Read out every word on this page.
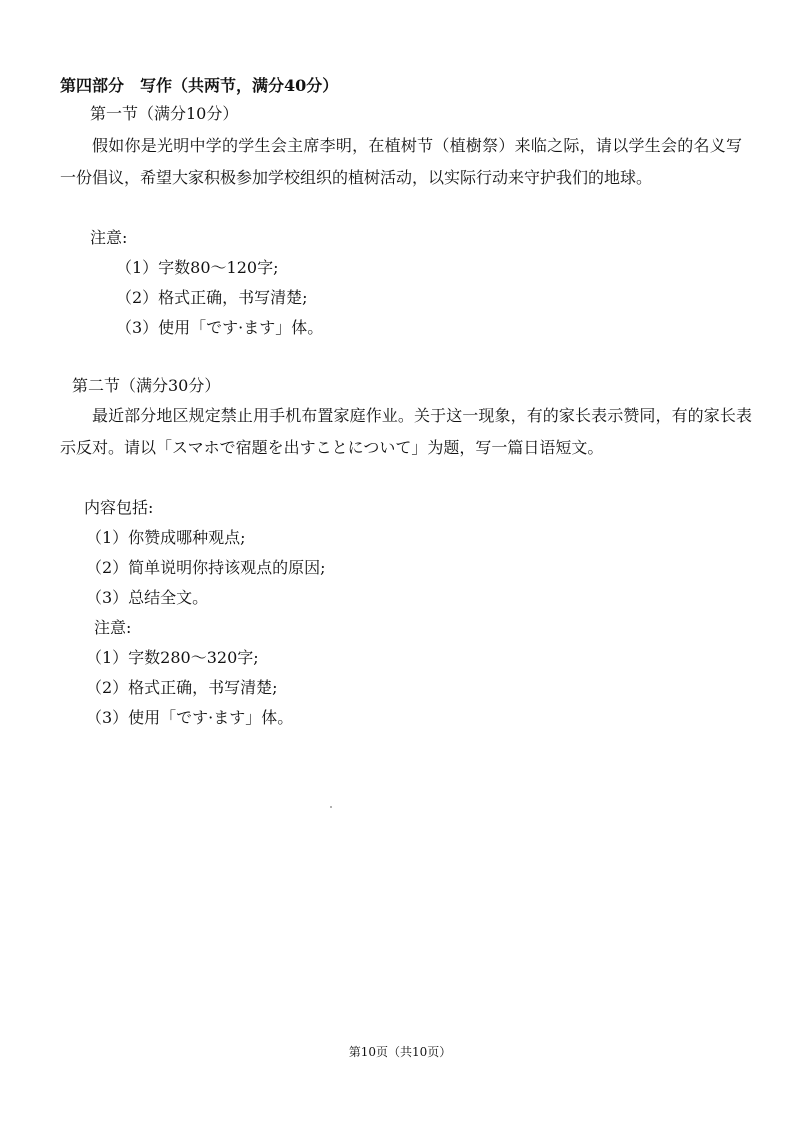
第四部分　写作（共两节，满分40分）
第一节（满分10分）
假如你是光明中学的学生会主席李明，在植树节（植樹祭）来临之际，请以学生会的名义写一份倡议，希望大家积极参加学校组织的植树活动，以实际行动来守护我们的地球。
注意:
（1）字数80～120字;
（2）格式正确，书写清楚;
（3）使用「です·ます」体。
第二节（满分30分）
最近部分地区规定禁止用手机布置家庭作业。关于这一现象，有的家长表示赞同，有的家长表示反对。请以「スマホで宿題を出すことについて」为题，写一篇日语短文。
内容包括:
（1）你赞成哪种观点;
（2）简单说明你持该观点的原因;
（3）总结全文。
注意:
（1）字数280～320字;
（2）格式正确，书写清楚;
（3）使用「です·ます」体。
第10页（共10页）
